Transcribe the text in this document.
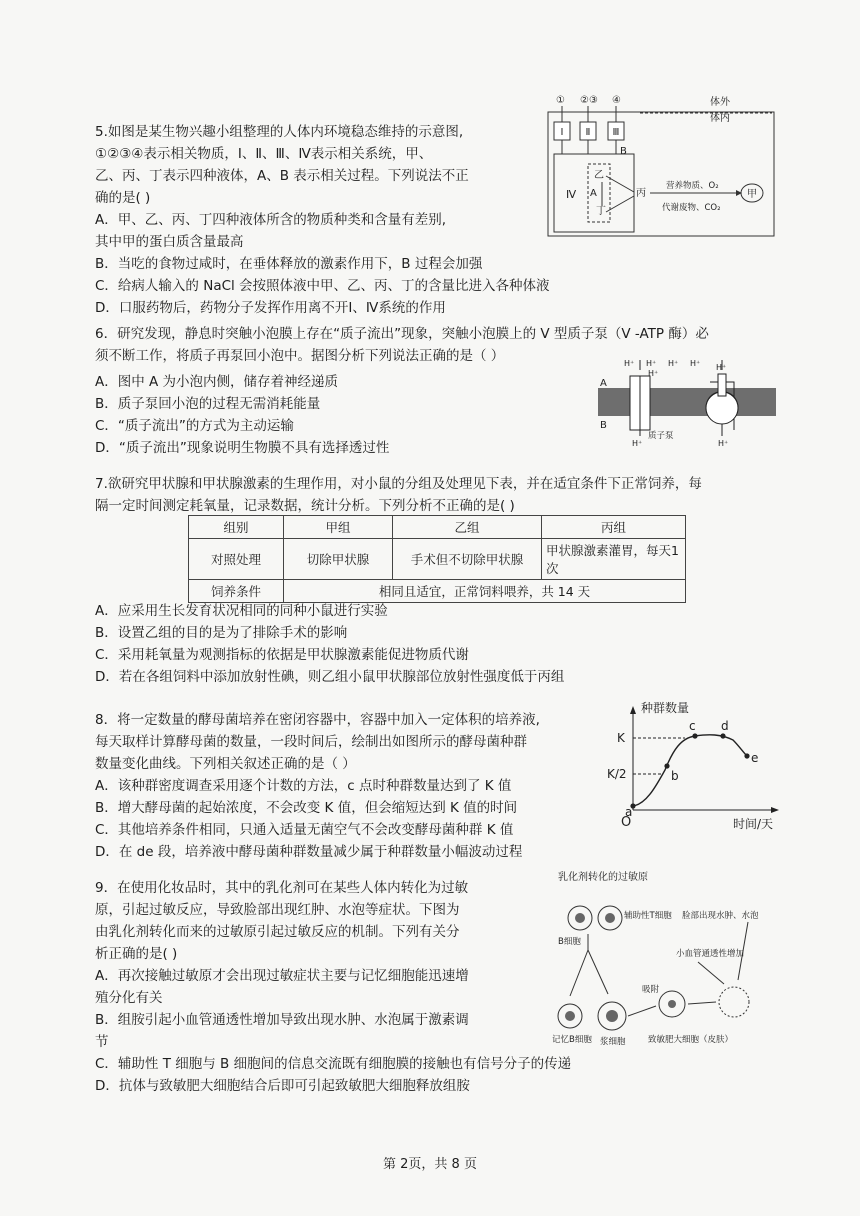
5.如图是某生物兴趣小组整理的人体内环境稳态维持的示意图,

①②③④表示相关物质，Ⅰ、Ⅱ、Ⅲ、Ⅳ表示相关系统，甲、

乙、丙、丁表示四种液体，A、B 表示相关过程。下列说法不正

确的是( )

A．甲、乙、丙、丁四种液体所含的物质种类和含量有差别,

其中甲的蛋白质含量最高

B．当吃的食物过咸时，在垂体释放的激素作用下，B 过程会加强

C．给病人输入的 NaCl 会按照体液中甲、乙、丙、丁的含量比进入各种体液

D．口服药物后，药物分子发挥作用离不开Ⅰ、Ⅳ系统的作用

① ②③ ④	体外
体内
Ⅰ Ⅱ Ⅲ
B
Ⅳ
乙
A
丁
丙
营养物质、O₂
代谢废物、CO₂
甲

6．研究发现，静息时突触小泡膜上存在“质子流出”现象，突触小泡膜上的 V 型质子泵（V -ATP 酶）必

须不断工作，将质子再泵回小泡中。据图分析下列说法正确的是（ ）

A．图中 A 为小泡内侧，储存着神经递质

B．质子泵回小泡的过程无需消耗能量

C．“质子流出”的方式为主动运输

D．“质子流出”现象说明生物膜不具有选择透过性

A
B
H⁺ H⁺ H⁺ H⁺ H⁺
H⁺
H⁺	H⁺
质子泵

7.欲研究甲状腺和甲状腺激素的生理作用，对小鼠的分组及处理见下表，并在适宜条件下正常饲养，每

隔一定时间测定耗氧量，记录数据，统计分析。下列分析不正确的是( )

组别	甲组	乙组	丙组
对照处理	切除甲状腺	手术但不切除甲状腺	甲状腺激素灌胃，每天1 次
饲养条件	相同且适宜，正常饲料喂养，共 14 天		

A．应采用生长发育状况相同的同种小鼠进行实验

B．设置乙组的目的是为了排除手术的影响

C．采用耗氧量为观测指标的依据是甲状腺激素能促进物质代谢

D．若在各组饲料中添加放射性碘，则乙组小鼠甲状腺部位放射性强度低于丙组

8．将一定数量的酵母菌培养在密闭容器中，容器中加入一定体积的培养液,

每天取样计算酵母菌的数量，一段时间后，绘制出如图所示的酵母菌种群

数量变化曲线。下列相关叙述正确的是（ ）

A．该种群密度调查采用逐个计数的方法，c 点时种群数量达到了 K 值

B．增大酵母菌的起始浓度，不会改变 K 值，但会缩短达到 K 值的时间

C．其他培养条件相同，只通入适量无菌空气不会改变酵母菌种群 K 值

D．在 de 段，培养液中酵母菌种群数量减少属于种群数量小幅波动过程

种群数量
时间/天
K
K/2
O
a
b
c d
e

9．在使用化妆品时，其中的乳化剂可在某些人体内转化为过敏

原，引起过敏反应，导致脸部出现红肿、水泡等症状。下图为

由乳化剂转化而来的过敏原引起过敏反应的机制。下列有关分

析正确的是( )

A．再次接触过敏原才会出现过敏症状主要与记忆细胞能迅速增

殖分化有关

B．组胺引起小血管通透性增加导致出现水肿、水泡属于激素调

节

C．辅助性 T 细胞与 B 细胞间的信息交流既有细胞膜的接触也有信号分子的传递

D．抗体与致敏肥大细胞结合后即可引起致敏肥大细胞释放组胺

乳化剂转化的过敏原
B细胞
辅助性T细胞
记忆B细胞 浆细胞
吸附
致敏肥大细胞（皮肤）
脸部出现水肿、水泡
小血管通透性增加
第 2页，共 8 页
